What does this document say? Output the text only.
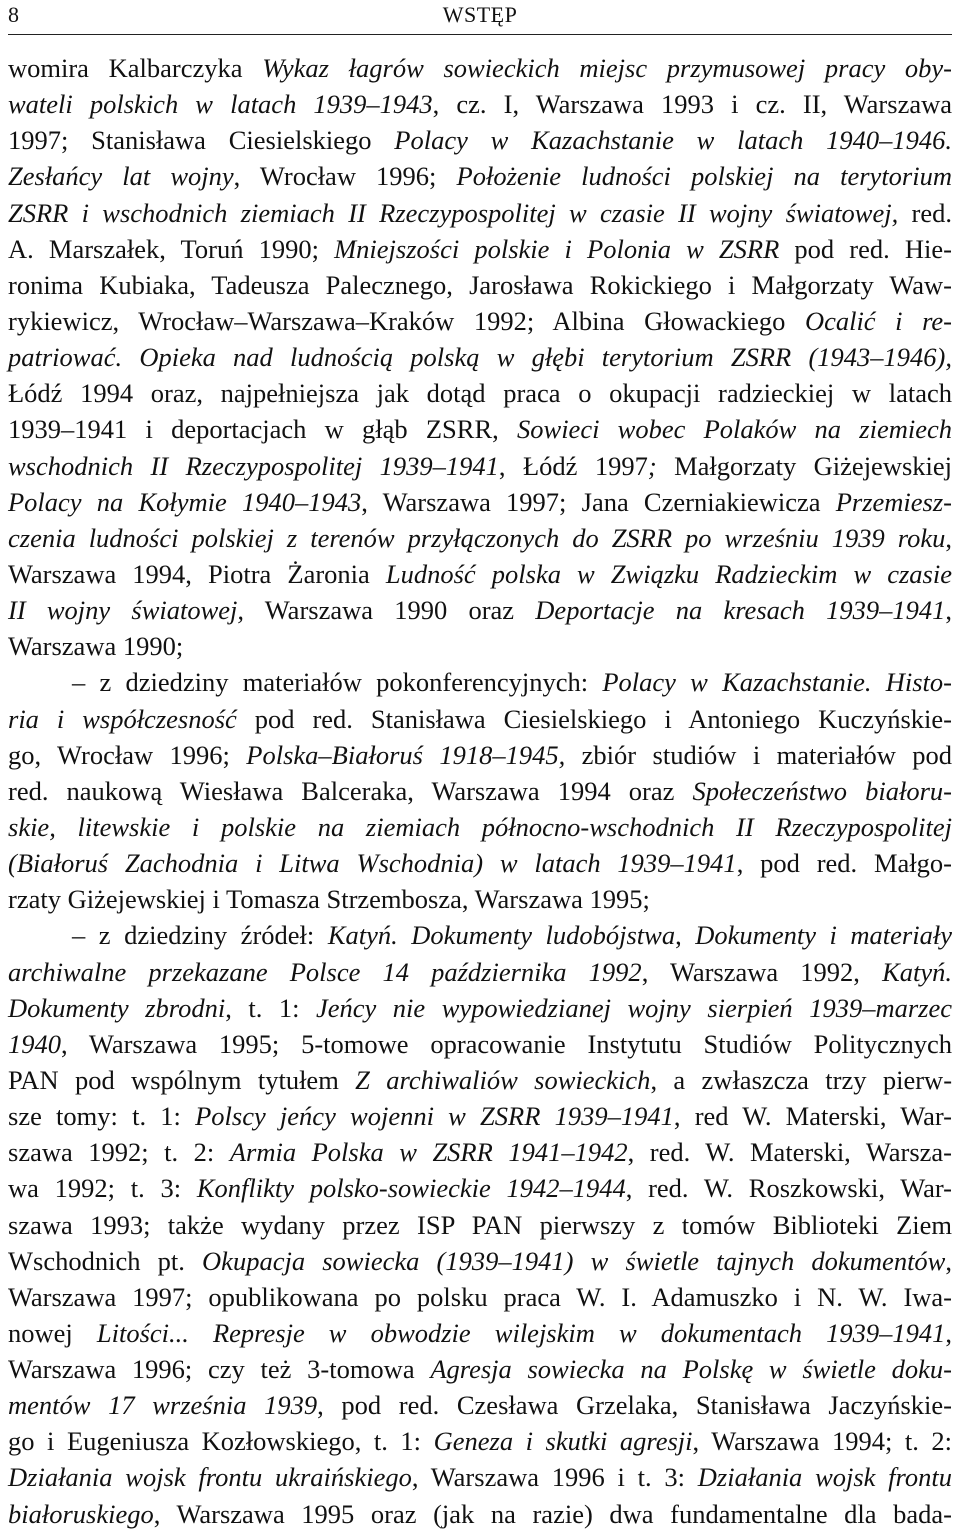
8	WSTĘP
womira Kalbarczyka Wykaz łagrów sowieckich miejsc przymusowej pracy oby-
wateli polskich w latach 1939–1943, cz. I, Warszawa 1993 i cz. II, Warszawa
1997; Stanisława Ciesielskiego Polacy w Kazachstanie w latach 1940–1946.
Zesłańcy lat wojny, Wrocław 1996; Położenie ludności polskiej na terytorium
ZSRR i wschodnich ziemiach II Rzeczypospolitej w czasie II wojny światowej, red.
A. Marszałek, Toruń 1990; Mniejszości polskie i Polonia w ZSRR pod red. Hie-
ronima Kubiaka, Tadeusza Palecznego, Jarosława Rokickiego i Małgorzaty Waw-
rykiewicz, Wrocław–Warszawa–Kraków 1992; Albina Głowackiego Ocalić i re-
patriować. Opieka nad ludnością polską w głębi terytorium ZSRR (1943–1946),
Łódź 1994 oraz, najpełniejsza jak dotąd praca o okupacji radzieckiej w latach
1939–1941 i deportacjach w głąb ZSRR, Sowieci wobec Polaków na ziemiech
wschodnich II Rzeczypospolitej 1939–1941, Łódź 1997; Małgorzaty Giżejewskiej
Polacy na Kołymie 1940–1943, Warszawa 1997; Jana Czerniakiewicza Przemiesz-
czenia ludności polskiej z terenów przyłączonych do ZSRR po wrześniu 1939 roku,
Warszawa 1994, Piotra Żaronia Ludność polska w Związku Radzieckim w czasie
II wojny światowej, Warszawa 1990 oraz Deportacje na kresach 1939–1941,
Warszawa 1990;
– z dziedziny materiałów pokonferencyjnych: Polacy w Kazachstanie. Histo-
ria i współczesność pod red. Stanisława Ciesielskiego i Antoniego Kuczyńskie-
go, Wrocław 1996; Polska–Białoruś 1918–1945, zbiór studiów i materiałów pod
red. naukową Wiesława Balceraka, Warszawa 1994 oraz Społeczeństwo białoru-
skie, litewskie i polskie na ziemiach północno-wschodnich II Rzeczypospolitej
(Białoruś Zachodnia i Litwa Wschodnia) w latach 1939–1941, pod red. Małgo-
rzaty Giżejewskiej i Tomasza Strzembosza, Warszawa 1995;
– z dziedziny źródeł: Katyń. Dokumenty ludobójstwa, Dokumenty i materiały
archiwalne przekazane Polsce 14 października 1992, Warszawa 1992, Katyń.
Dokumenty zbrodni, t. 1: Jeńcy nie wypowiedzianej wojny sierpień 1939–marzec
1940, Warszawa 1995; 5-tomowe opracowanie Instytutu Studiów Politycznych
PAN pod wspólnym tytułem Z archiwaliów sowieckich, a zwłaszcza trzy pierw-
sze tomy: t. 1: Polscy jeńcy wojenni w ZSRR 1939–1941, red W. Materski, War-
szawa 1992; t. 2: Armia Polska w ZSRR 1941–1942, red. W. Materski, Warsza-
wa 1992; t. 3: Konflikty polsko-sowieckie 1942–1944, red. W. Roszkowski, War-
szawa 1993; także wydany przez ISP PAN pierwszy z tomów Biblioteki Ziem
Wschodnich pt. Okupacja sowiecka (1939–1941) w świetle tajnych dokumentów,
Warszawa 1997; opublikowana po polsku praca W. I. Adamuszko i N. W. Iwa-
nowej Litości... Represje w obwodzie wilejskim w dokumentach 1939–1941,
Warszawa 1996; czy też 3-tomowa Agresja sowiecka na Polskę w świetle doku-
mentów 17 września 1939, pod red. Czesława Grzelaka, Stanisława Jaczyńskie-
go i Eugeniusza Kozłowskiego, t. 1: Geneza i skutki agresji, Warszawa 1994; t. 2:
Działania wojsk frontu ukraińskiego, Warszawa 1996 i t. 3: Działania wojsk frontu
białoruskiego, Warszawa 1995 oraz (jak na razie) dwa fundamentalne dla bada-
